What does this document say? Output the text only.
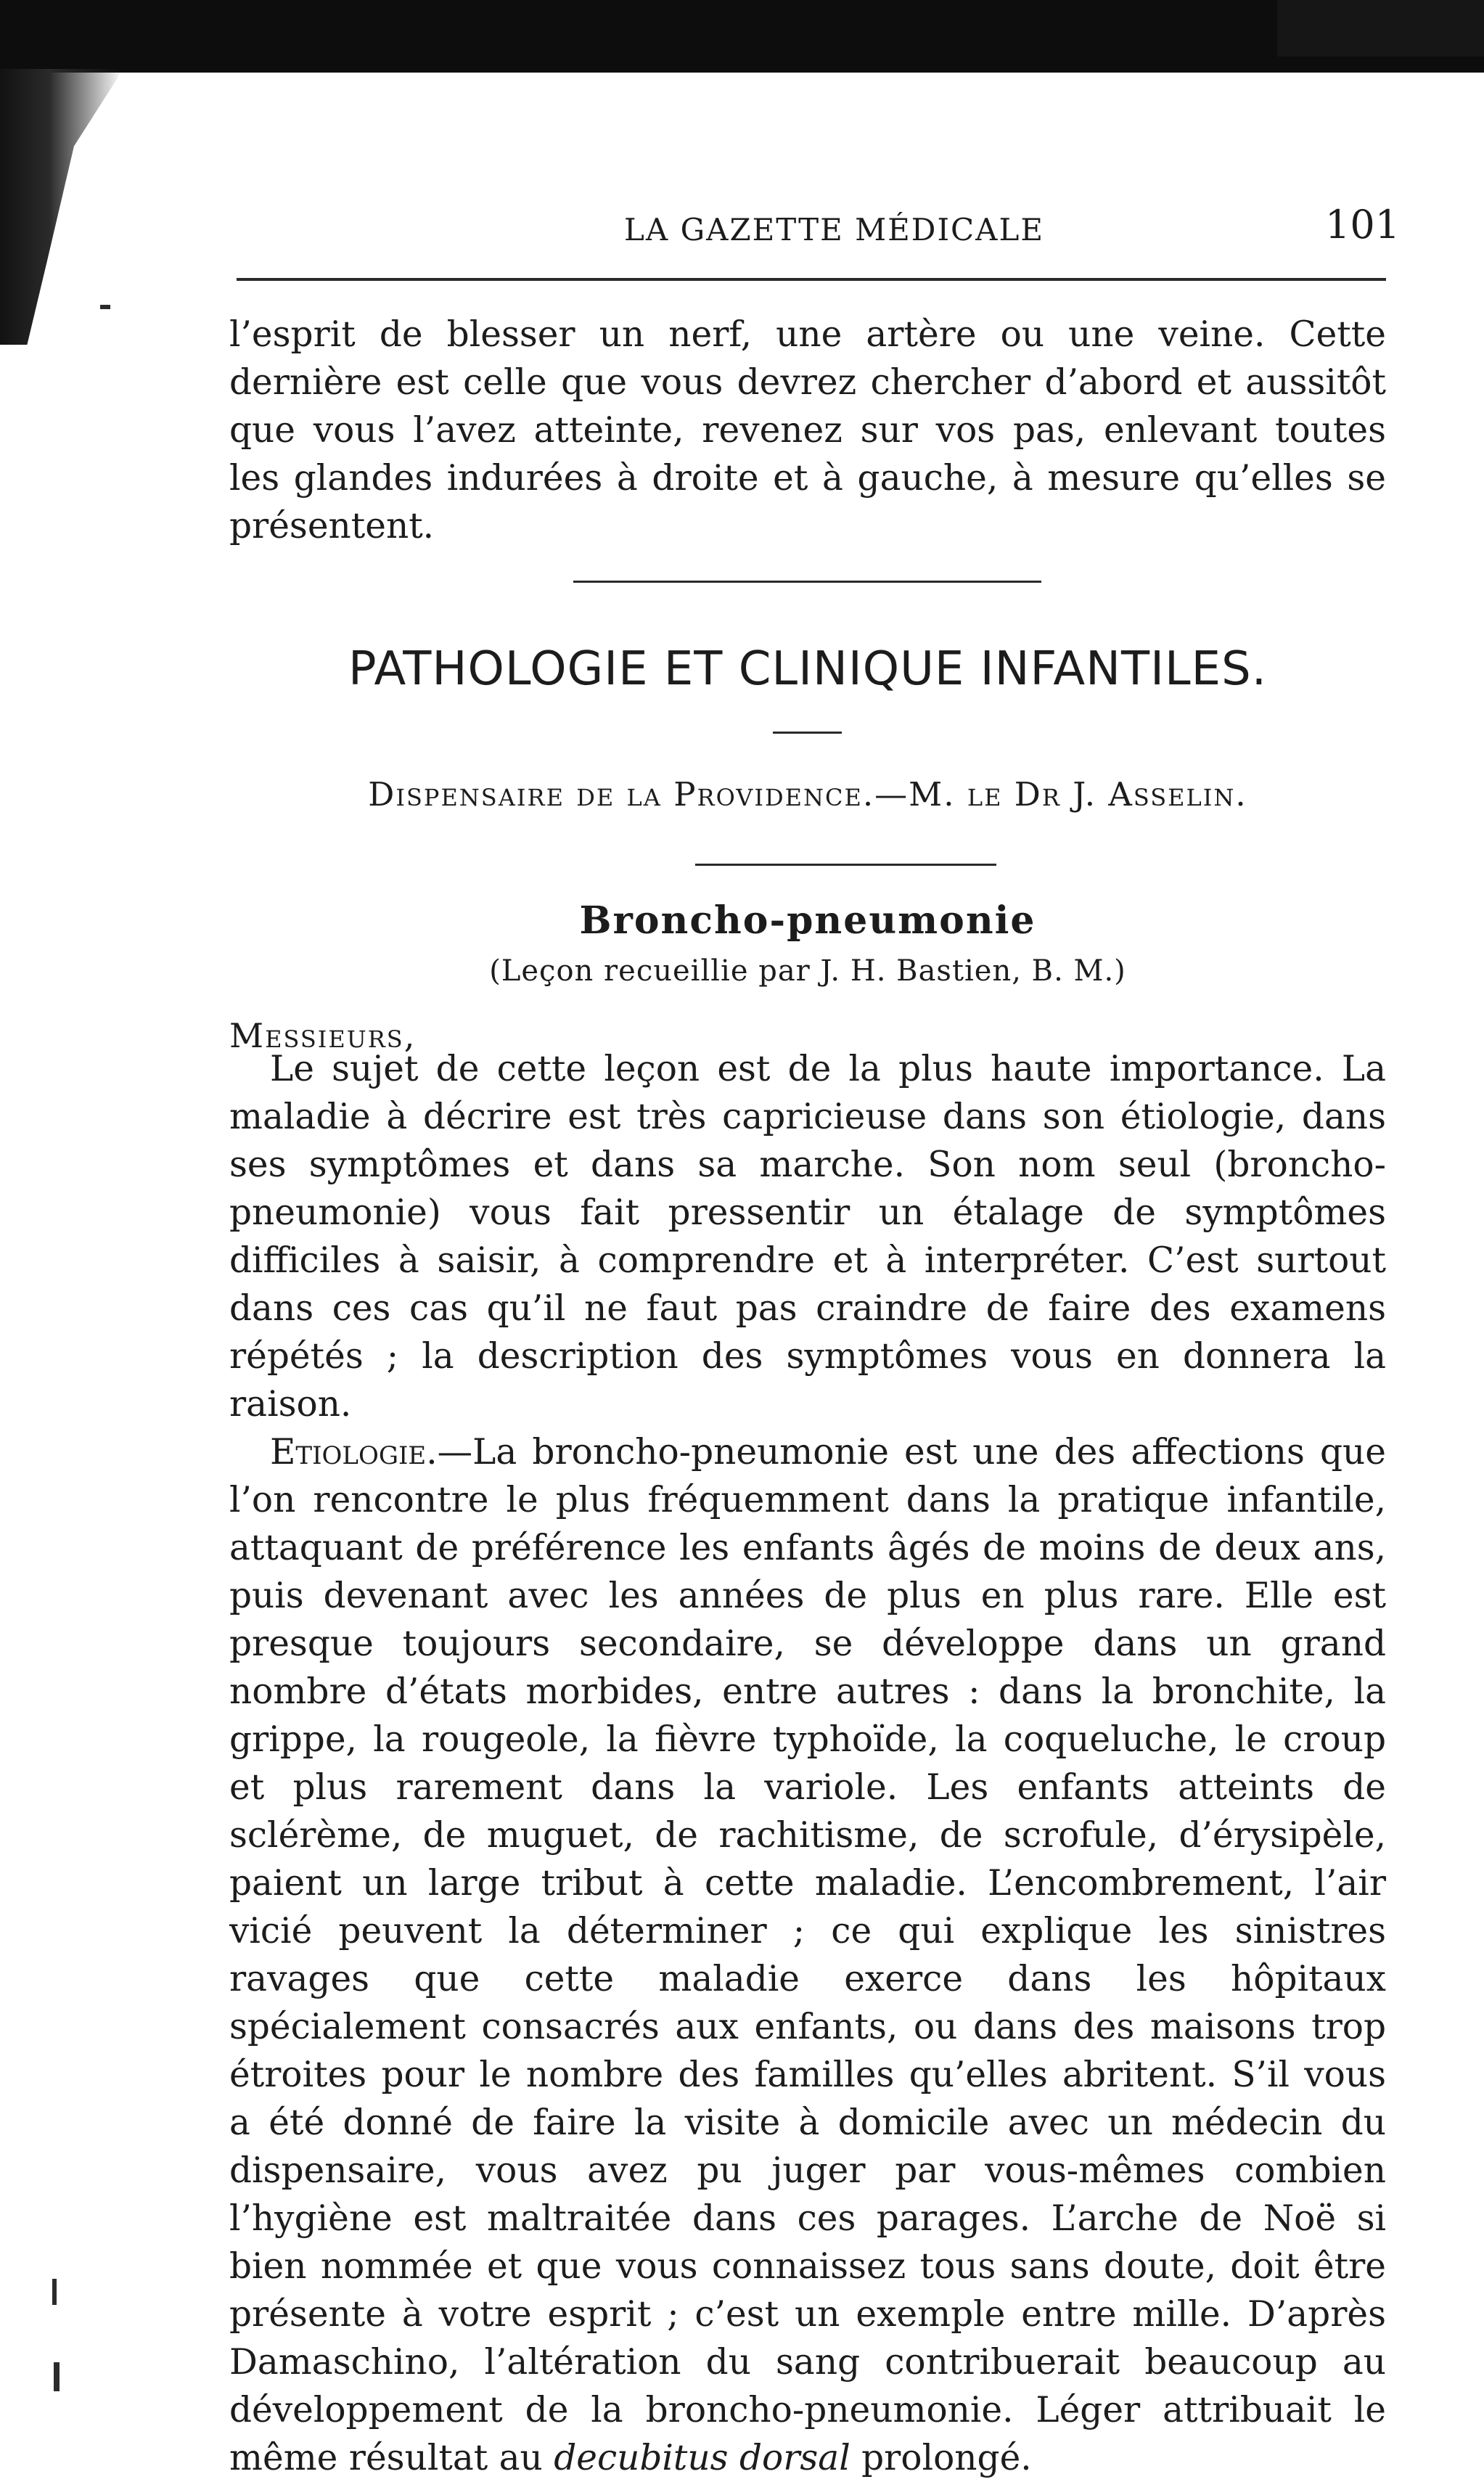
LA GAZETTE MÉDICALE	101

l’esprit de blesser un nerf, une artère ou une veine. Cette dernière est celle que vous devrez chercher d’abord et aussitôt que vous l’avez atteinte, revenez sur vos pas, enlevant toutes les glandes indurées à droite et à gauche, à mesure qu’elles se présentent.

PATHOLOGIE ET CLINIQUE INFANTILES.
Dispensaire de la Providence.—M. le Dr J. Asselin.
Broncho-pneumonie
(Leçon recueillie par J. H. Bastien, B. M.)
Messieurs,

Le sujet de cette leçon est de la plus haute importance. La maladie à décrire est très capricieuse dans son étiologie, dans ses symptômes et dans sa marche. Son nom seul (broncho-pneumonie) vous fait pressentir un étalage de symptômes difficiles à saisir, à comprendre et à interpréter. C’est surtout dans ces cas qu’il ne faut pas craindre de faire des examens répétés ; la description des symptômes vous en donnera la raison.

Etiologie.—La broncho-pneumonie est une des affections que l’on rencontre le plus fréquemment dans la pratique infantile, attaquant de préférence les enfants âgés de moins de deux ans, puis devenant avec les années de plus en plus rare. Elle est presque toujours secondaire, se développe dans un grand nombre d’états morbides, entre autres : dans la bronchite, la grippe, la rougeole, la fièvre typhoïde, la coqueluche, le croup et plus rarement dans la variole. Les enfants atteints de sclérème, de muguet, de rachitisme, de scrofule, d’érysipèle, paient un large tribut à cette maladie. L’encombrement, l’air vicié peuvent la déterminer ; ce qui explique les sinistres ravages que cette maladie exerce dans les hôpitaux spécialement consacrés aux enfants, ou dans des maisons trop étroites pour le nombre des familles qu’elles abritent. S’il vous a été donné de faire la visite à domicile avec un médecin du dispensaire, vous avez pu juger par vous-mêmes combien l’hygiène est maltraitée dans ces parages. L’arche de Noë si bien nommée et que vous connaissez tous sans doute, doit être présente à votre esprit ; c’est un exemple entre mille. D’après Damaschino, l’altération du sang contribuerait beaucoup au développement de la broncho-pneumonie. Léger attribuait le même résultat au decubitus dorsal prolongé.
